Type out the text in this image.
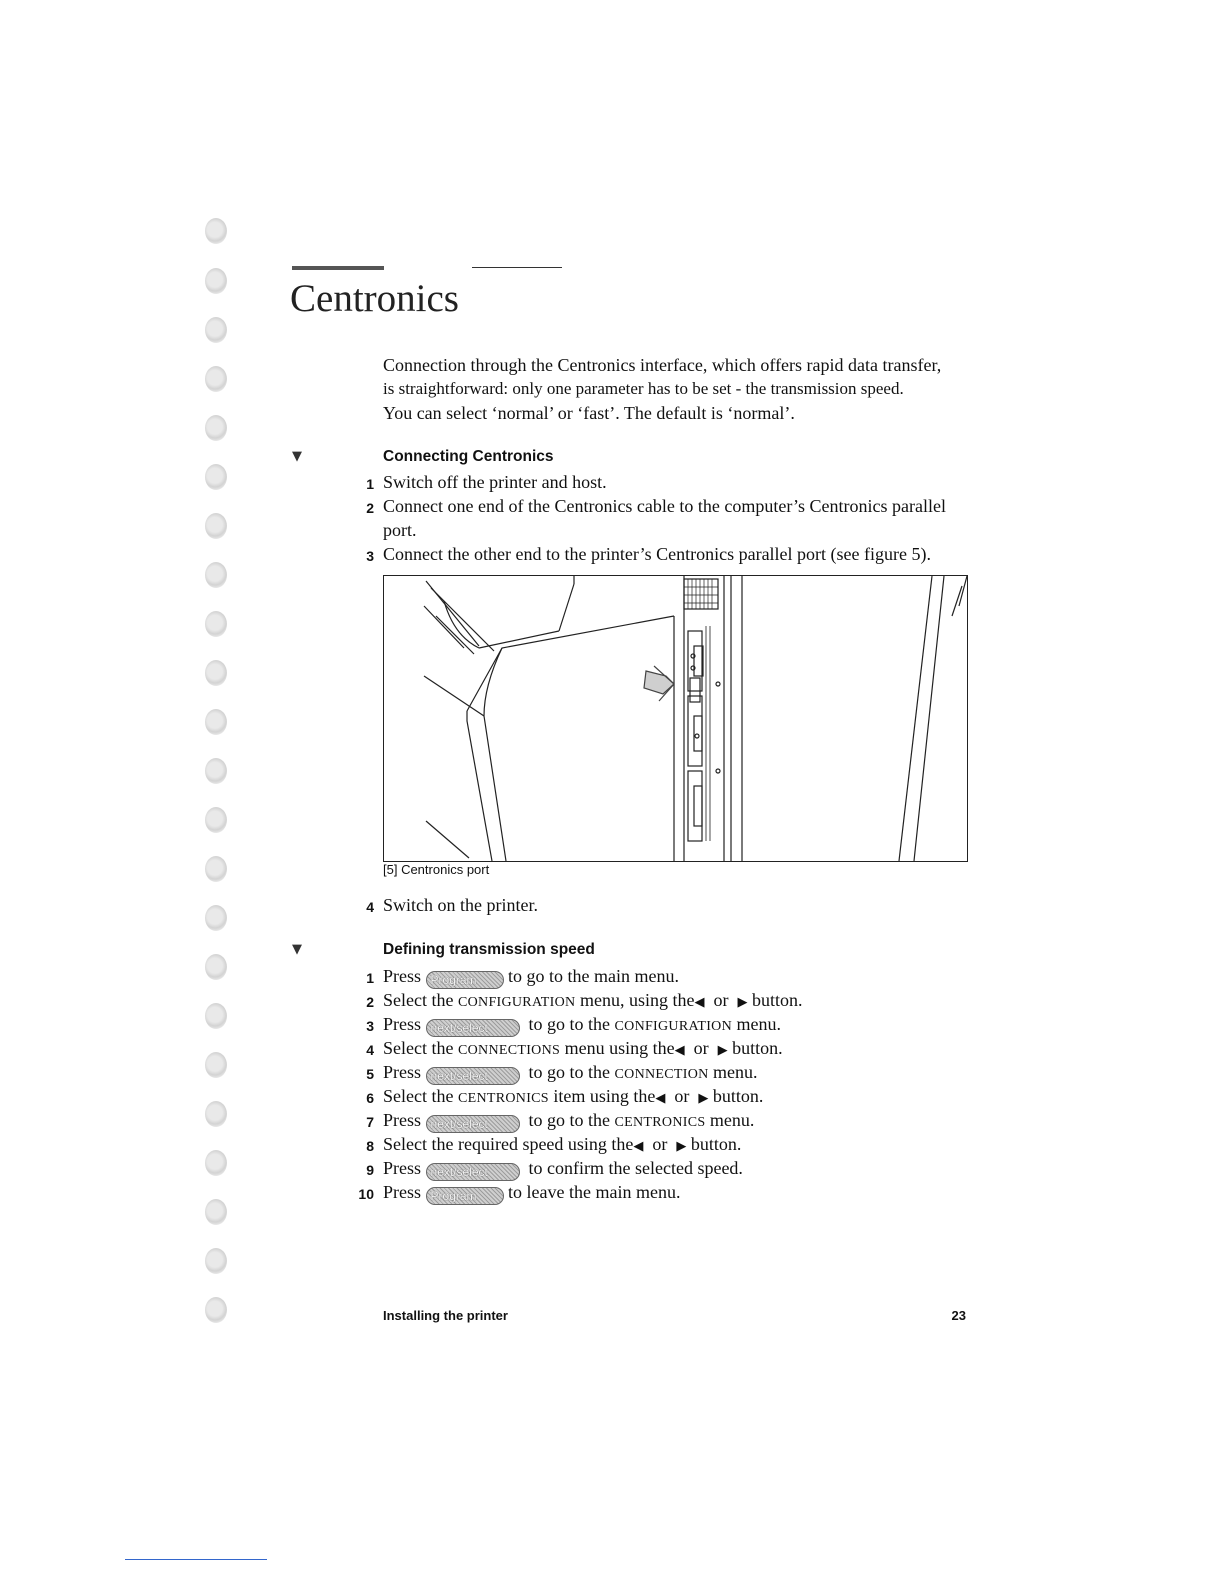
Centronics
Connection through the Centronics interface, which offers rapid data transfer,
is straightforward: only one parameter has to be set - the transmission speed.
You can select ‘normal’ or ‘fast’. The default is ‘normal’.
▼	Connecting Centronics
1 Switch off the printer and host.
2 Connect one end of the Centronics cable to the computer’s Centronics parallel
port.
3 Connect the other end to the printer’s Centronics parallel port (see figure 5).
[5] Centronics port
4 Switch on the printer.
▼	Defining transmission speed
1 Press Program to go to the main menu.
2 Select the CONFIGURATION menu, using the◀ or ▶ button.
3 Press next/select to go to the CONFIGURATION menu.
4 Select the CONNECTIONS menu using the◀ or ▶ button.
5 Press next/select to go to the CONNECTION menu.
6 Select the CENTRONICS item using the◀ or ▶ button.
7 Press next/select to go to the CENTRONICS menu.
8 Select the required speed using the◀ or ▶ button.
9 Press next/select to confirm the selected speed.
10 Press Program to leave the main menu.
Installing the printer	23
